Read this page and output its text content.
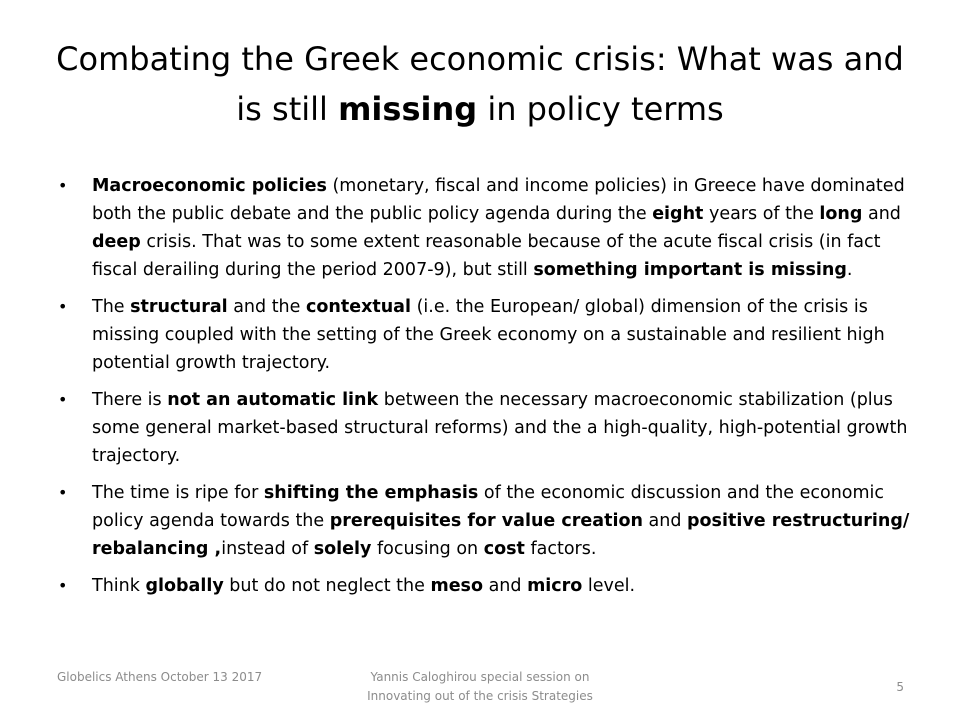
Combating the Greek economic crisis: What was and is still missing in policy terms
• Macroeconomic policies (monetary, fiscal and income policies) in Greece have dominated both the public debate and the public policy agenda during the eight years of the long and deep crisis. That was to some extent reasonable because of the acute fiscal crisis (in fact fiscal derailing during the period 2007-9), but still something important is missing.
• The structural and the contextual (i.e. the European/ global) dimension of the crisis is missing coupled with the setting of the Greek economy on a sustainable and resilient high potential growth trajectory.
• There is not an automatic link between the necessary macroeconomic stabilization (plus some general market-based structural reforms) and the a high-quality, high-potential growth trajectory.
• The time is ripe for shifting the emphasis of the economic discussion and the economic policy agenda towards the prerequisites for value creation and positive restructuring/ rebalancing ,instead of solely focusing on cost factors.
• Think globally but do not neglect the meso and micro level.
Globelics Athens October 13 2017	Yannis Caloghirou special session on Innovating out of the crisis Strategies
5
